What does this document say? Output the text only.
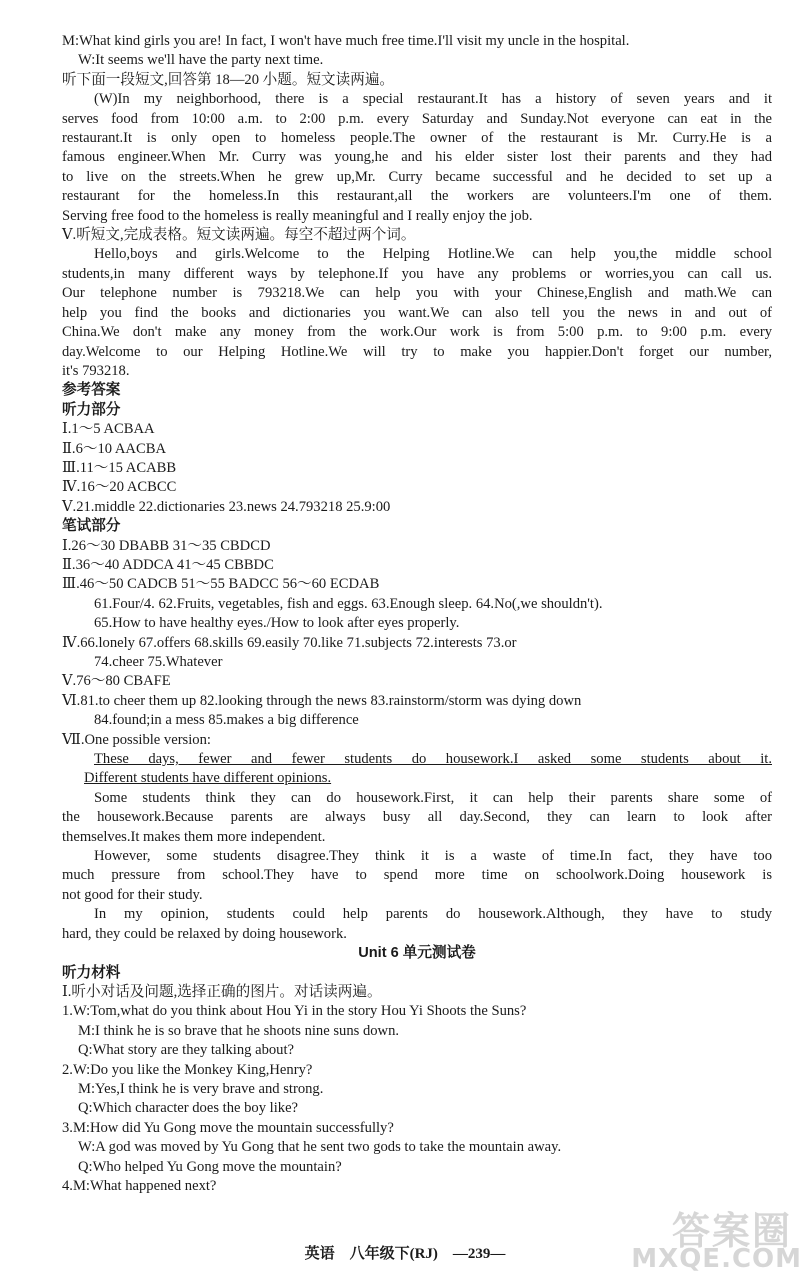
M:What kind girls you are! In fact, I won't have much free time.I'll visit my uncle in the hospital.
W:It seems we'll have the party next time.
听下面一段短文,回答第 18—20 小题。短文读两遍。
(W)In my neighborhood, there is a special restaurant.It has a history of seven years and it
serves food from 10:00 a.m. to 2:00 p.m. every Saturday and Sunday.Not everyone can eat in the
restaurant.It is only open to homeless people.The owner of the restaurant is Mr. Curry.He is a
famous engineer.When Mr. Curry was young,he and his elder sister lost their parents and they had
to live on the streets.When he grew up,Mr. Curry became successful and he decided to set up a
restaurant for the homeless.In this restaurant,all the workers are volunteers.I'm one of them.
Serving free food to the homeless is really meaningful and I really enjoy the job.
Ⅴ.听短文,完成表格。短文读两遍。每空不超过两个词。
Hello,boys and girls.Welcome to the Helping Hotline.We can help you,the middle school
students,in many different ways by telephone.If you have any problems or worries,you can call us.
Our telephone number is 793218.We can help you with your Chinese,English and math.We can
help you find the books and dictionaries you want.We can also tell you the news in and out of
China.We don't make any money from the work.Our work is from 5:00 p.m. to 9:00 p.m. every
day.Welcome to our Helping Hotline.We will try to make you happier.Don't forget our number,
it's 793218.
参考答案
听力部分
Ⅰ.1～5 ACBAA
Ⅱ.6～10 AACBA
Ⅲ.11～15 ACABB
Ⅳ.16～20 ACBCC
Ⅴ.21.middle 22.dictionaries 23.news 24.793218 25.9:00
笔试部分
Ⅰ.26～30 DBABB 31～35 CBDCD
Ⅱ.36～40 ADDCA 41～45 CBBDC
Ⅲ.46～50 CADCB 51～55 BADCC 56～60 ECDAB
61.Four/4. 62.Fruits, vegetables, fish and eggs. 63.Enough sleep. 64.No(,we shouldn't).
65.How to have healthy eyes./How to look after eyes properly.
Ⅳ.66.lonely 67.offers 68.skills 69.easily 70.like 71.subjects 72.interests 73.or
74.cheer 75.Whatever
Ⅴ.76～80 CBAFE
Ⅵ.81.to cheer them up 82.looking through the news 83.rainstorm/storm was dying down
84.found;in a mess 85.makes a big difference
Ⅶ.One possible version:
These days, fewer and fewer students do housework.I asked some students about it.
Different students have different opinions.
Some students think they can do housework.First, it can help their parents share some of
the housework.Because parents are always busy all day.Second, they can learn to look after
themselves.It makes them more independent.
However, some students disagree.They think it is a waste of time.In fact, they have too
much pressure from school.They have to spend more time on schoolwork.Doing housework is
not good for their study.
In my opinion, students could help parents do housework.Although, they have to study
hard, they could be relaxed by doing housework.
Unit 6 单元测试卷
听力材料
Ⅰ.听小对话及问题,选择正确的图片。对话读两遍。
1.W:Tom,what do you think about Hou Yi in the story Hou Yi Shoots the Suns?
M:I think he is so brave that he shoots nine suns down.
Q:What story are they talking about?
2.W:Do you like the Monkey King,Henry?
M:Yes,I think he is very brave and strong.
Q:Which character does the boy like?
3.M:How did Yu Gong move the mountain successfully?
W:A god was moved by Yu Gong that he sent two gods to take the mountain away.
Q:Who helped Yu Gong move the mountain?
4.M:What happened next?
英语　八年级下(RJ)　—239—
答案圈
MXQE.COM
